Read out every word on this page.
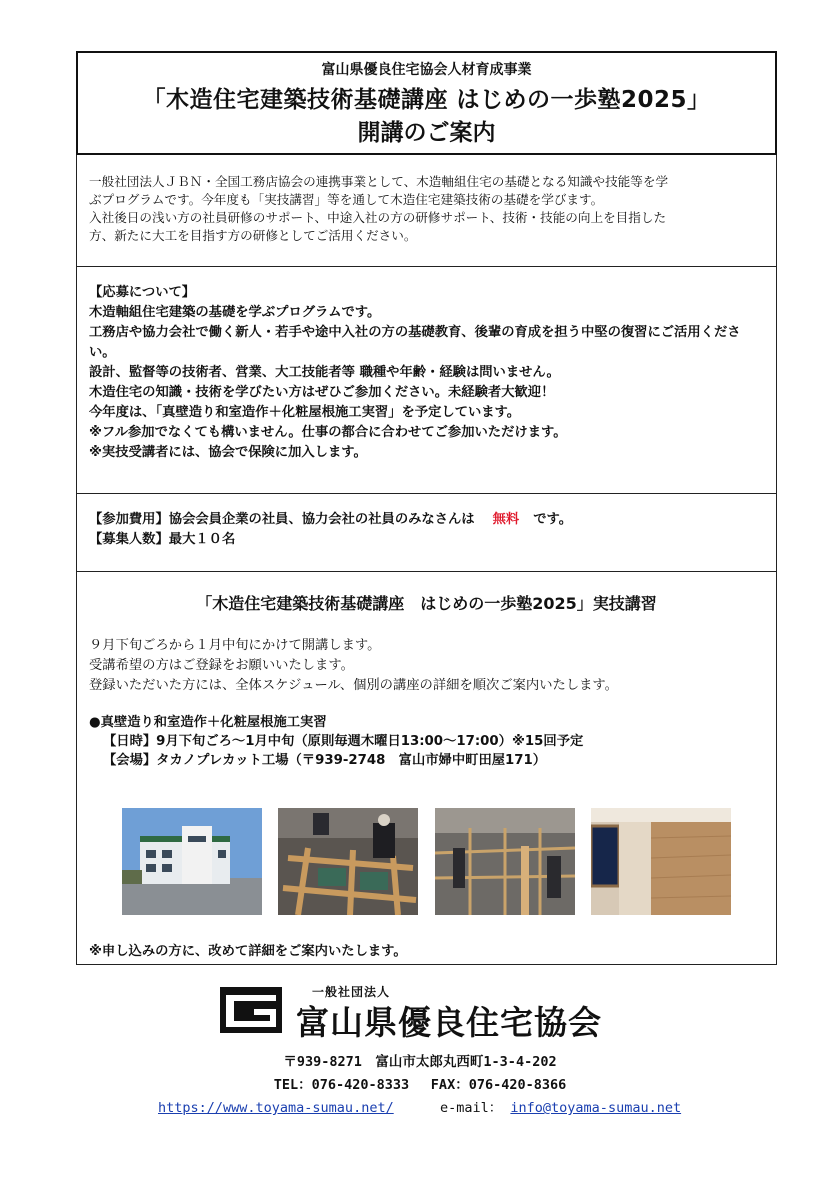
富山県優良住宅協会人材育成事業
「木造住宅建築技術基礎講座 はじめの一歩塾2025」
開講のご案内
一般社団法人ＪＢＮ・全国工務店協会の連携事業として、木造軸組住宅の基礎となる知識や技能等を学
ぶプログラムです。今年度も「実技講習」等を通して木造住宅建築技術の基礎を学びます。
入社後日の浅い方の社員研修のサポート、中途入社の方の研修サポート、技術・技能の向上を目指した
方、新たに大工を目指す方の研修としてご活用ください。
【応募について】
木造軸組住宅建築の基礎を学ぶプログラムです。
工務店や協力会社で働く新人・若手や途中入社の方の基礎教育、後輩の育成を担う中堅の復習にご活用ください。
設計、監督等の技術者、営業、大工技能者等 職種や年齢・経験は問いません。
木造住宅の知識・技術を学びたい方はぜひご参加ください。未経験者大歓迎！
今年度は、「真壁造り和室造作＋化粧屋根施工実習」を予定しています。
※フル参加でなくても構いません。仕事の都合に合わせてご参加いただけます。
※実技受講者には、協会で保険に加入します。
【参加費用】協会会員企業の社員、協力会社の社員のみなさんは 無料 です。
【募集人数】最大１０名
「木造住宅建築技術基礎講座　はじめの一歩塾2025」実技講習
９月下旬ごろから１月中旬にかけて開講します。
受講希望の方はご登録をお願いいたします。
登録いただいた方には、全体スケジュール、個別の講座の詳細を順次ご案内いたします。
●真壁造り和室造作＋化粧屋根施工実習
【日時】9月下旬ごろ～1月中旬（原則毎週木曜日13:00～17:00）※15回予定
【会場】タカノプレカット工場（〒939-2748　富山市婦中町田屋171）
※申し込みの方に、改めて詳細をご案内いたします。
一般社団法人
富山県優良住宅協会
〒939-8271　富山市太郎丸西町1-3-4-202
TEL：076-420-8333　 FAX：076-420-8366
https://www.toyama-sumau.net/	e-mail： info@toyama-sumau.net
